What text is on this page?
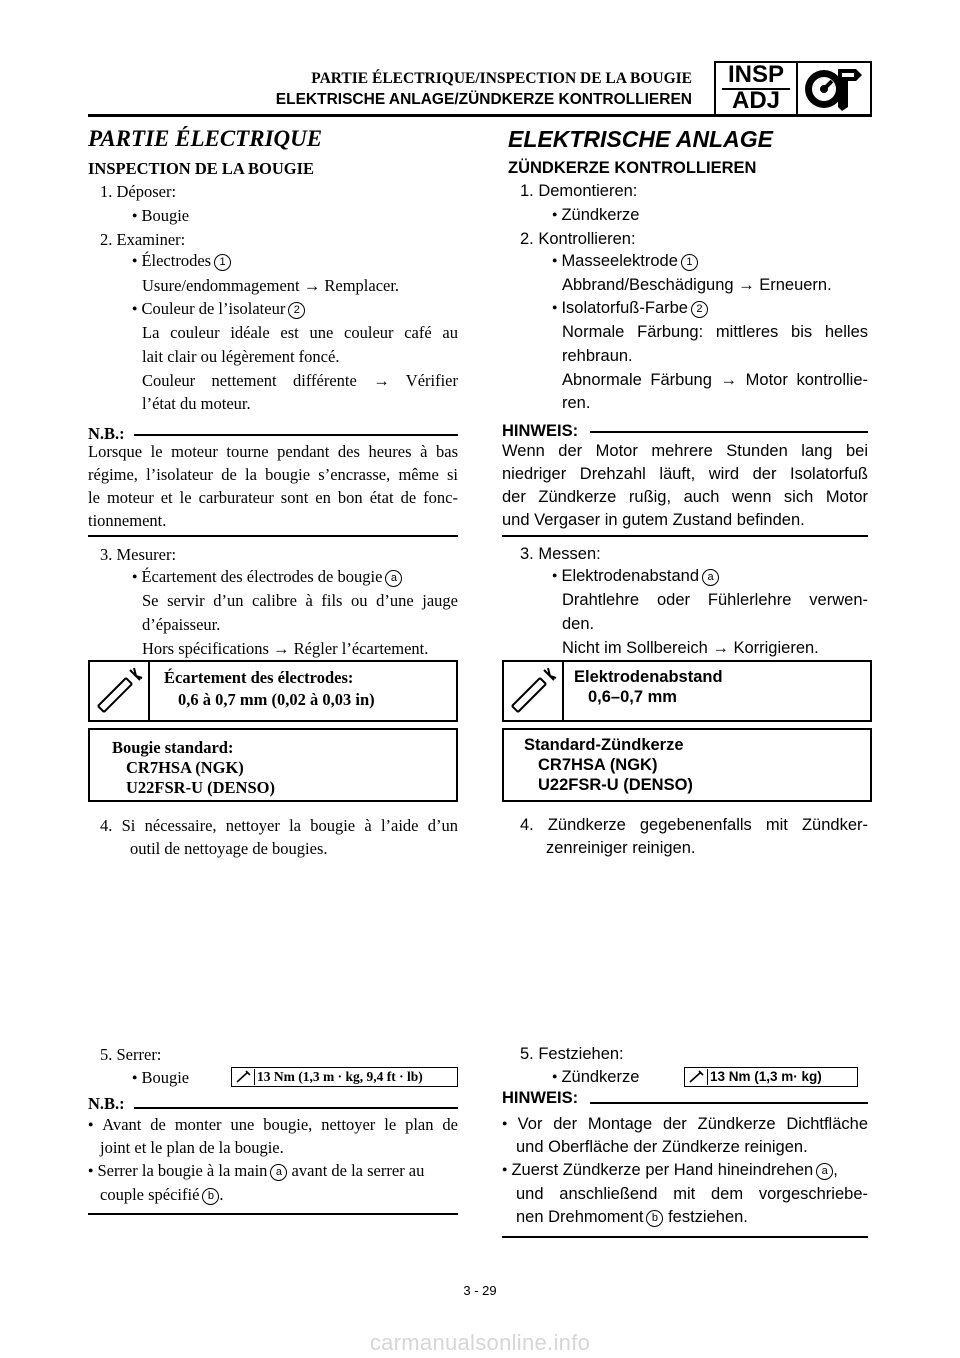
PARTIE ÉLECTRIQUE/INSPECTION DE LA BOUGIE
ELEKTRISCHE ANLAGE/ZÜNDKERZE KONTROLLIEREN
INSP
ADJ
PARTIE ÉLECTRIQUE
INSPECTION DE LA BOUGIE
1. Déposer:
● Bougie
2. Examiner:
● Électrodes 1
Usure/endommagement → Remplacer.
● Couleur de l’isolateur 2
La couleur idéale est une couleur café au
lait clair ou légèrement foncé.
Couleur nettement différente → Vérifier
l’état du moteur.
N.B.:
Lorsque le moteur tourne pendant des heures à bas
régime, l’isolateur de la bougie s’encrasse, même si
le moteur et le carburateur sont en bon état de fonc-
tionnement.
3. Mesurer:
● Écartement des électrodes de bougie a
Se servir d’un calibre à fils ou d’une jauge
d’épaisseur.
Hors spécifications → Régler l’écartement.
Écartement des électrodes:
0,6 à 0,7 mm (0,02 à 0,03 in)
Bougie standard:
CR7HSA (NGK)
U22FSR-U (DENSO)
4. Si nécessaire, nettoyer la bougie à l’aide d’un
outil de nettoyage de bougies.
5. Serrer:
● Bougie	13 Nm (1,3 m · kg, 9,4 ft · lb)
N.B.:
● Avant de monter une bougie, nettoyer le plan de
joint et le plan de la bougie.
● Serrer la bougie à la main a avant de la serrer au
couple spécifié b .
ELEKTRISCHE ANLAGE
ZÜNDKERZE KONTROLLIEREN
1. Demontieren:
● Zündkerze
2. Kontrollieren:
● Masseelektrode 1
Abbrand/Beschädigung → Erneuern.
● Isolatorfuß-Farbe 2
Normale Färbung: mittleres bis helles
rehbraun.
Abnormale Färbung → Motor kontrollie-
ren.
HINWEIS:
Wenn der Motor mehrere Stunden lang bei
niedriger Drehzahl läuft, wird der Isolatorfuß
der Zündkerze rußig, auch wenn sich Motor
und Vergaser in gutem Zustand befinden.
3. Messen:
● Elektrodenabstand a
Drahtlehre oder Fühlerlehre verwen-
den.
Nicht im Sollbereich → Korrigieren.
Elektrodenabstand
0,6–0,7 mm
Standard-Zündkerze
CR7HSA (NGK)
U22FSR-U (DENSO)
4. Zündkerze gegebenenfalls mit Zündker-
zenreiniger reinigen.
5. Festziehen:
● Zündkerze	13 Nm (1,3 m· kg)
HINWEIS:
● Vor der Montage der Zündkerze Dichtfläche
und Oberfläche der Zündkerze reinigen.
● Zuerst Zündkerze per Hand hineindrehen a ,
und anschließend mit dem vorgeschriebe-
nen Drehmoment b festziehen.
3 - 29
carmanualsonline.info
